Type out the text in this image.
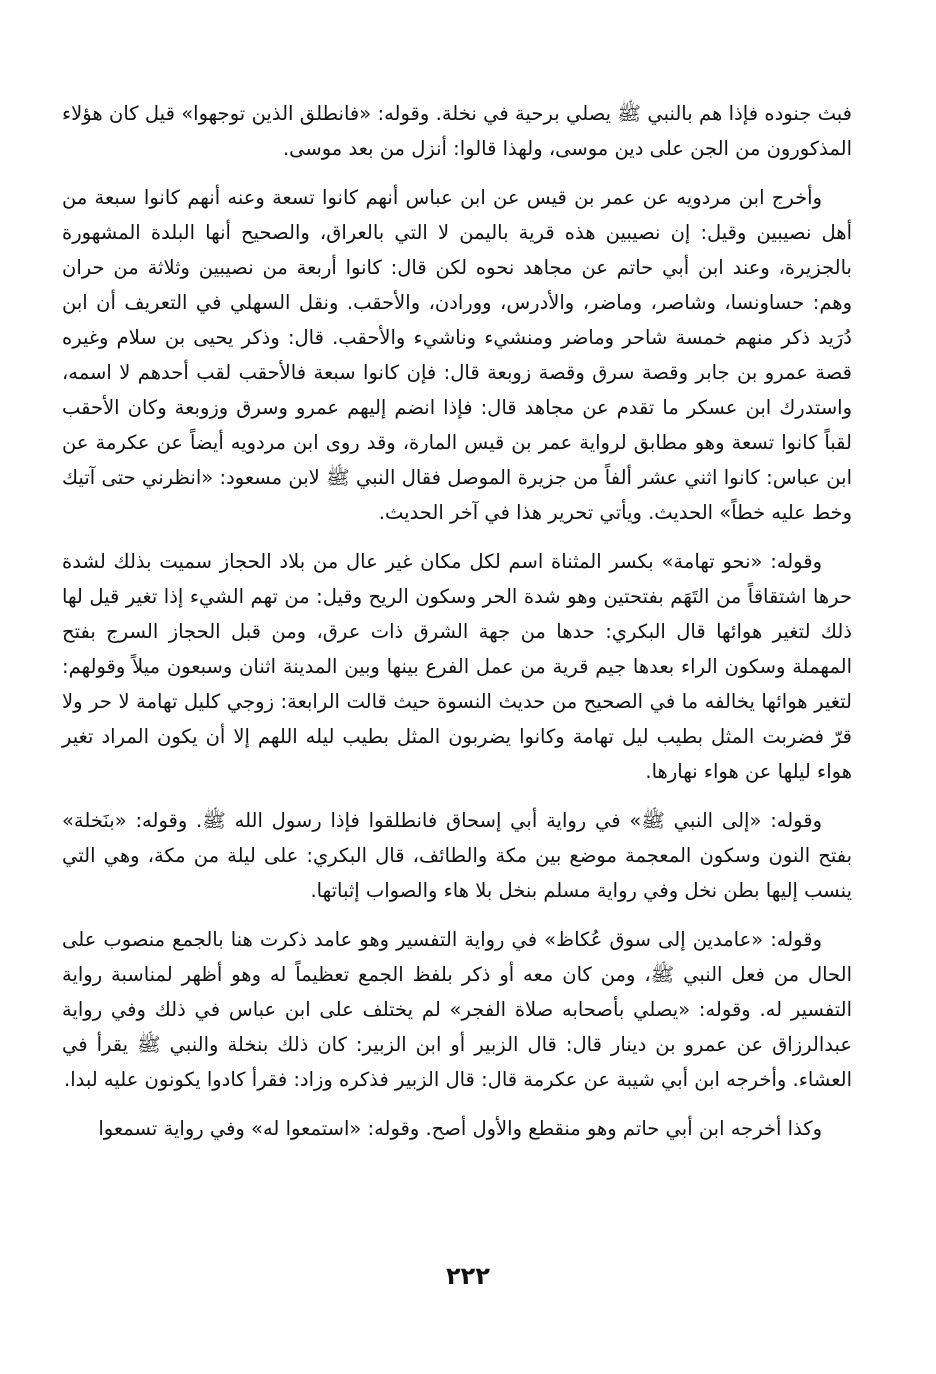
فبث جنوده فإذا هم بالنبي ﷺ يصلي برحية في نخلة. وقوله: «فانطلق الذين توجهوا» قيل كان هؤلاء المذكورون من الجن على دين موسى، ولهذا قالوا: أنزل من بعد موسى.

وأخرج ابن مردويه عن عمر بن قيس عن ابن عباس أنهم كانوا تسعة وعنه أنهم كانوا سبعة من أهل نصيبين وقيل: إن نصيبين هذه قرية باليمن لا التي بالعراق، والصحيح أنها البلدة المشهورة بالجزيرة، وعند ابن أبي حاتم عن مجاهد نحوه لكن قال: كانوا أربعة من نصيبين وثلاثة من حران وهم: حساونسا، وشاصر، وماضر، والأدرس، وورادن، والأحقب. ونقل السهلي في التعريف أن ابن دُرَيد ذكر منهم خمسة شاحر وماضر ومنشيء وناشيء والأحقب. قال: وذكر يحيى بن سلام وغيره قصة عمرو بن جابر وقصة سرق وقصة زوبعة قال: فإن كانوا سبعة فالأحقب لقب أحدهم لا اسمه، واستدرك ابن عسكر ما تقدم عن مجاهد قال: فإذا انضم إليهم عمرو وسرق وزوبعة وكان الأحقب لقباً كانوا تسعة وهو مطابق لرواية عمر بن قيس المارة، وقد روى ابن مردويه أيضاً عن عكرمة عن ابن عباس: كانوا اثني عشر ألفاً من جزيرة الموصل فقال النبي ﷺ لابن مسعود: «انظرني حتى آتيك وخط عليه خطاً» الحديث. ويأتي تحرير هذا في آخر الحديث.

وقوله: «نحو تهامة» بكسر المثناة اسم لكل مكان غير عال من بلاد الحجاز سميت بذلك لشدة حرها اشتقاقاً من التَهَم بفتحتين وهو شدة الحر وسكون الريح وقيل: من تهم الشيء إذا تغير قيل لها ذلك لتغير هوائها قال البكري: حدها من جهة الشرق ذات عرق، ومن قبل الحجاز السرج بفتح المهملة وسكون الراء بعدها جيم قرية من عمل الفرع بينها وبين المدينة اثنان وسبعون ميلاً وقولهم: لتغير هوائها يخالفه ما في الصحيح من حديث النسوة حيث قالت الرابعة: زوجي كليل تهامة لا حر ولا قرّ فضربت المثل بطيب ليل تهامة وكانوا يضربون المثل بطيب ليله اللهم إلا أن يكون المراد تغير هواء ليلها عن هواء نهارها.

وقوله: «إلى النبي ﷺ» في رواية أبي إسحاق فانطلقوا فإذا رسول الله ﷺ. وقوله: «بنَخلة» بفتح النون وسكون المعجمة موضع بين مكة والطائف، قال البكري: على ليلة من مكة، وهي التي ينسب إليها بطن نخل وفي رواية مسلم بنخل بلا هاء والصواب إثباتها.

وقوله: «عامدين إلى سوق عُكاظ» في رواية التفسير وهو عامد ذكرت هنا بالجمع منصوب على الحال من فعل النبي ﷺ، ومن كان معه أو ذكر بلفظ الجمع تعظيماً له وهو أظهر لمناسبة رواية التفسير له. وقوله: «يصلي بأصحابه صلاة الفجر» لم يختلف على ابن عباس في ذلك وفي رواية عبدالرزاق عن عمرو بن دينار قال: قال الزبير أو ابن الزبير: كان ذلك بنخلة والنبي ﷺ يقرأ في العشاء. وأخرجه ابن أبي شيبة عن عكرمة قال: قال الزبير فذكره وزاد: فقرأ كادوا يكونون عليه لبدا.

وكذا أخرجه ابن أبي حاتم وهو منقطع والأول أصح. وقوله: «استمعوا له» وفي رواية تسمعوا

٢٢٢
